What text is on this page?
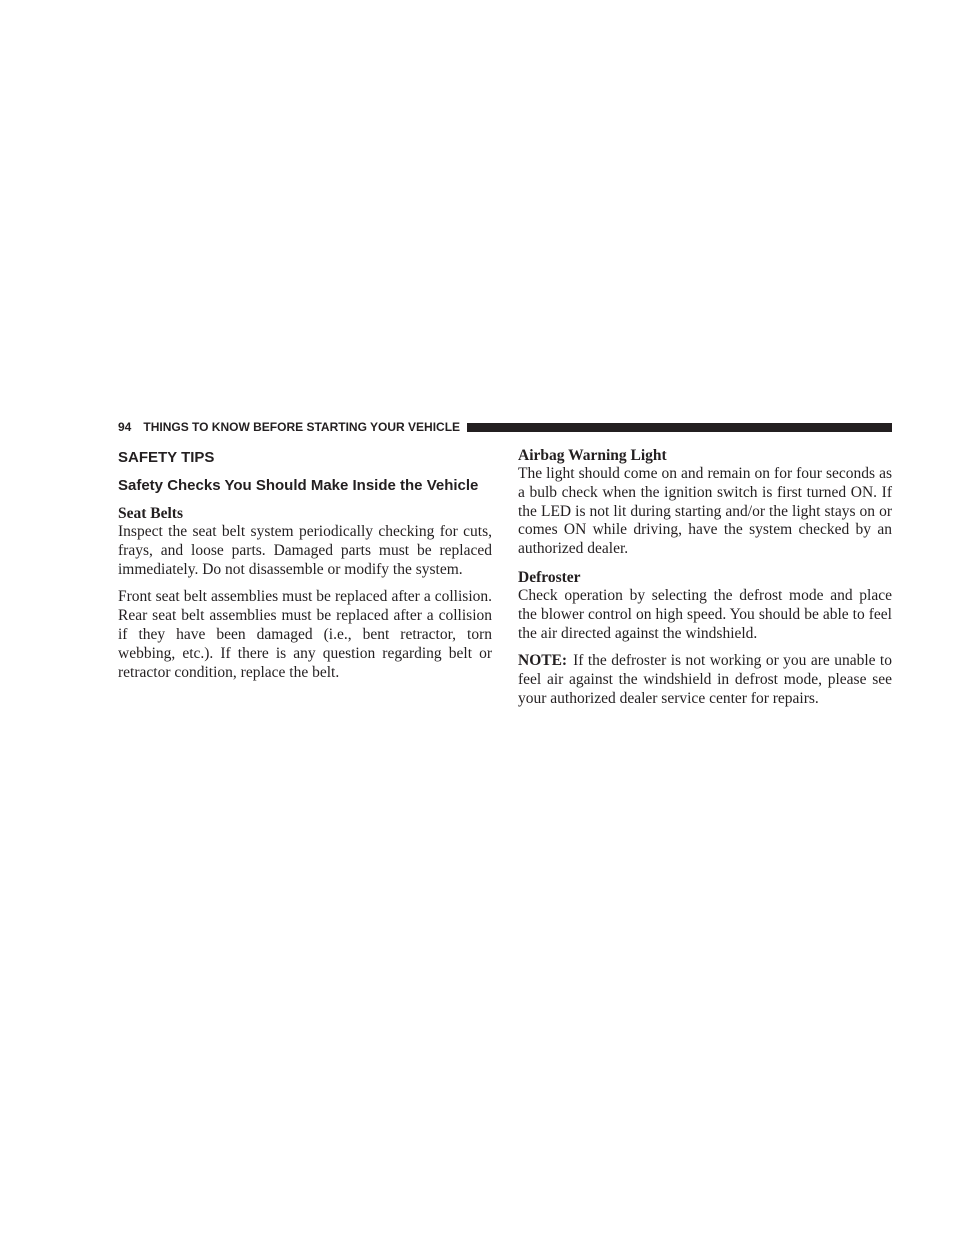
94 THINGS TO KNOW BEFORE STARTING YOUR VEHICLE
SAFETY TIPS
Safety Checks You Should Make Inside the Vehicle
Seat Belts

Inspect the seat belt system periodically checking for cuts, frays, and loose parts. Damaged parts must be replaced immediately. Do not disassemble or modify the system.

Front seat belt assemblies must be replaced after a collision. Rear seat belt assemblies must be replaced after a collision if they have been damaged (i.e., bent retractor, torn webbing, etc.). If there is any question regarding belt or retractor condition, replace the belt.

Airbag Warning Light

The light should come on and remain on for four seconds as a bulb check when the ignition switch is first turned ON. If the LED is not lit during starting and/or the light stays on or comes ON while driving, have the system checked by an authorized dealer.

Defroster

Check operation by selecting the defrost mode and place the blower control on high speed. You should be able to feel the air directed against the windshield.

NOTE: If the defroster is not working or you are unable to feel air against the windshield in defrost mode, please see your authorized dealer service center for repairs.
